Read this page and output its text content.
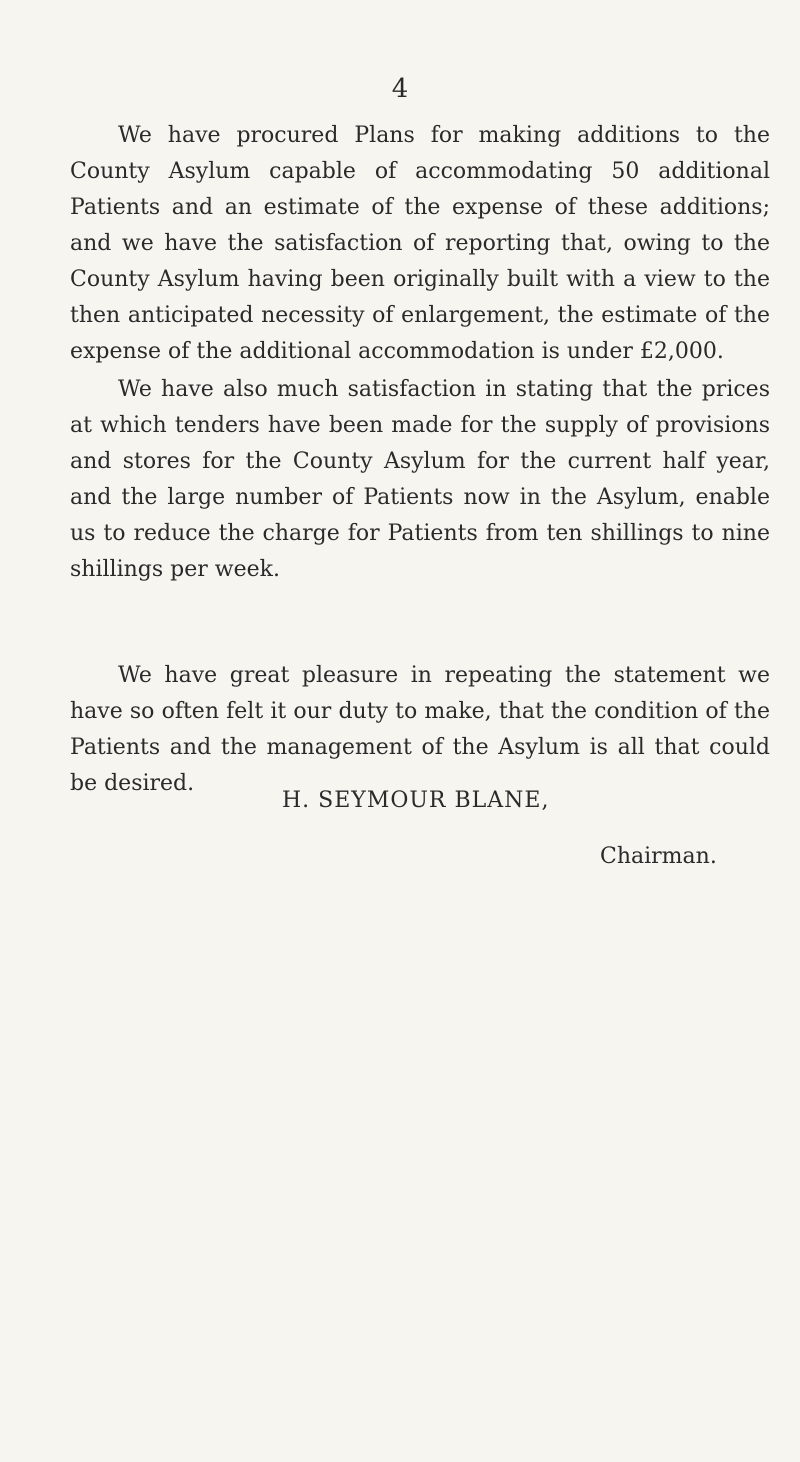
4

We have procured Plans for making additions to the County Asylum capable of accommodating 50 additional Patients and an estimate of the expense of these additions; and we have the satisfaction of reporting that, owing to the County Asylum having been originally built with a view to the then anticipated necessity of enlargement, the estimate of the expense of the additional accommodation is under £2,000.

We have also much satisfaction in stating that the prices at which tenders have been made for the supply of provisions and stores for the County Asylum for the current half year, and the large number of Patients now in the Asylum, enable us to reduce the charge for Patients from ten shillings to nine shillings per week.

We have great pleasure in repeating the statement we have so often felt it our duty to make, that the condition of the Patients and the management of the Asylum is all that could be desired.

H. SEYMOUR BLANE,
Chairman.
